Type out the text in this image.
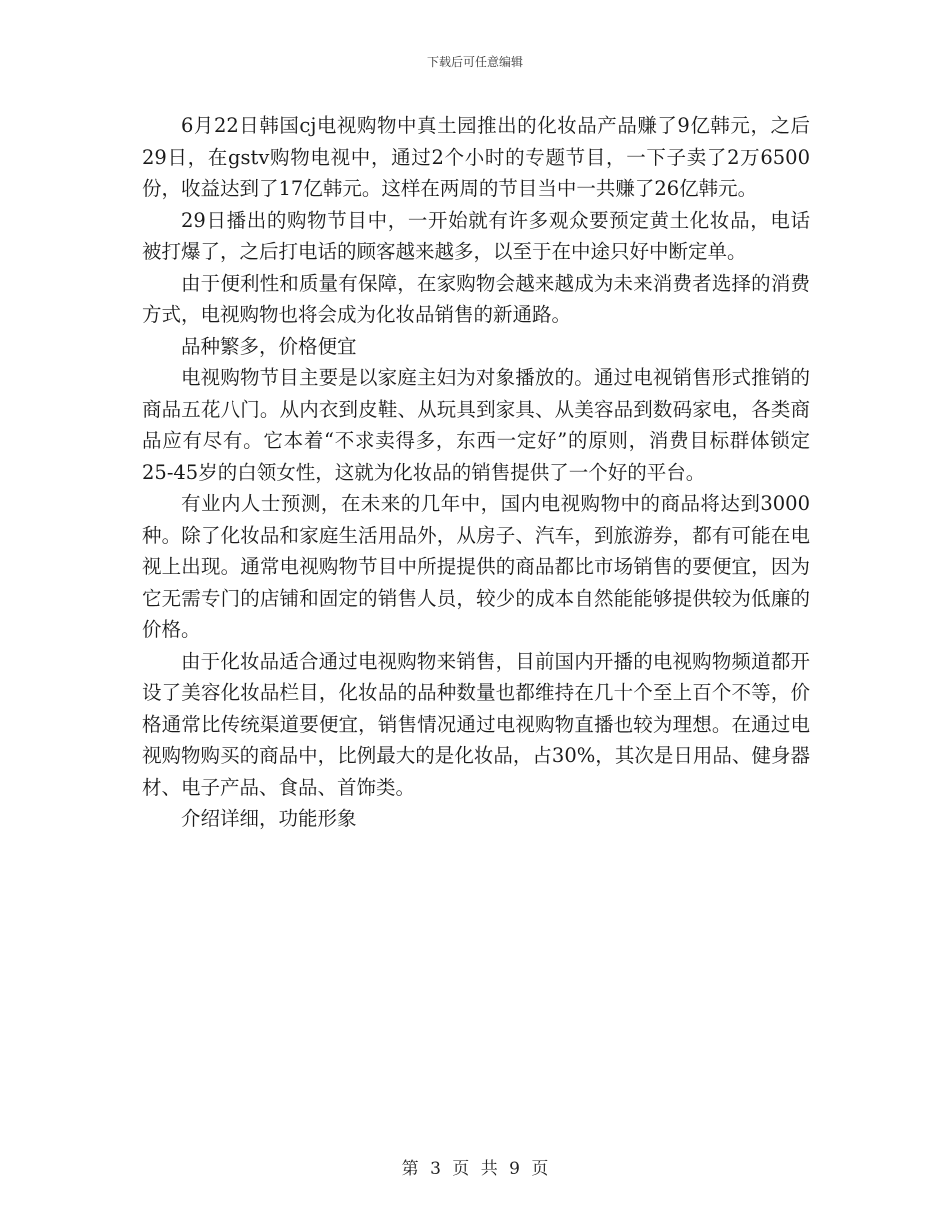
下载后可任意编辑

6月22日韩国cj电视购物中真土园推出的化妆品产品赚了9亿韩元，之后29日，在gstv购物电视中，通过2个小时的专题节目，一下子卖了2万6500份，收益达到了17亿韩元。这样在两周的节目当中一共赚了26亿韩元。

29日播出的购物节目中，一开始就有许多观众要预定黄土化妆品，电话被打爆了，之后打电话的顾客越来越多，以至于在中途只好中断定单。

由于便利性和质量有保障，在家购物会越来越成为未来消费者选择的消费方式，电视购物也将会成为化妆品销售的新通路。

品种繁多，价格便宜

电视购物节目主要是以家庭主妇为对象播放的。通过电视销售形式推销的商品五花八门。从内衣到皮鞋、从玩具到家具、从美容品到数码家电，各类商品应有尽有。它本着“不求卖得多，东西一定好”的原则，消费目标群体锁定25-45岁的白领女性，这就为化妆品的销售提供了一个好的平台。

有业内人士预测，在未来的几年中，国内电视购物中的商品将达到3000种。除了化妆品和家庭生活用品外，从房子、汽车，到旅游券，都有可能在电视上出现。通常电视购物节目中所提提供的商品都比市场销售的要便宜，因为它无需专门的店铺和固定的销售人员，较少的成本自然能能够提供较为低廉的价格。

由于化妆品适合通过电视购物来销售，目前国内开播的电视购物频道都开设了美容化妆品栏目，化妆品的品种数量也都维持在几十个至上百个不等，价格通常比传统渠道要便宜，销售情况通过电视购物直播也较为理想。在通过电视购物购买的商品中，比例最大的是化妆品，占30%，其次是日用品、健身器材、电子产品、食品、首饰类。

介绍详细，功能形象

第 3 页 共 9 页
